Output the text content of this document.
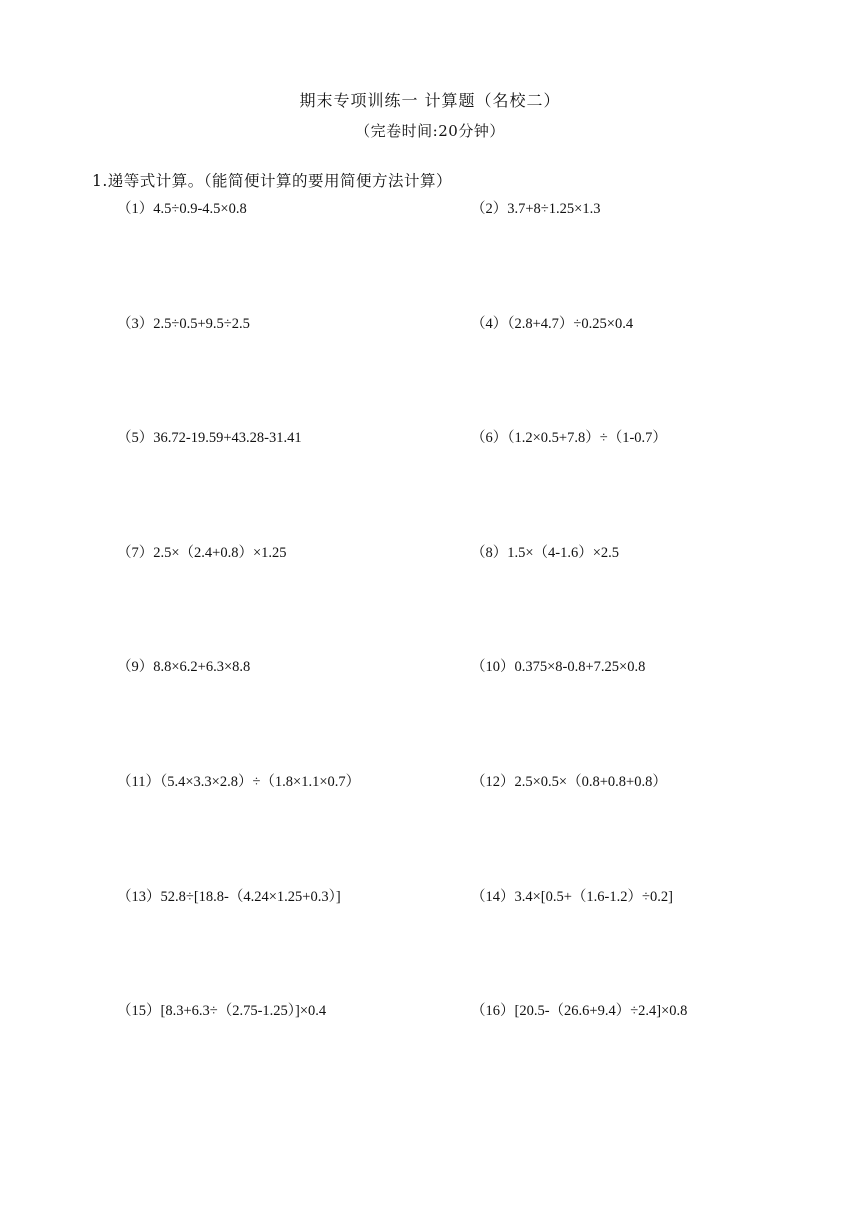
期末专项训练一 计算题（名校二）
（完卷时间:20分钟）
1.递等式计算。（能简便计算的要用简便方法计算）
（1）4.5÷0.9-4.5×0.8	（2）3.7+8÷1.25×1.3
（3）2.5÷0.5+9.5÷2.5	（4）（2.8+4.7）÷0.25×0.4
（5）36.72-19.59+43.28-31.41	（6）（1.2×0.5+7.8）÷（1-0.7）
（7）2.5×（2.4+0.8）×1.25	（8）1.5×（4-1.6）×2.5
（9）8.8×6.2+6.3×8.8	（10）0.375×8-0.8+7.25×0.8
（11）（5.4×3.3×2.8）÷（1.8×1.1×0.7）	（12）2.5×0.5×（0.8+0.8+0.8）
（13）52.8÷[18.8-（4.24×1.25+0.3）]	（14）3.4×[0.5+（1.6-1.2）÷0.2]
（15）[8.3+6.3÷（2.75-1.25）]×0.4	（16）[20.5-（26.6+9.4）÷2.4]×0.8
